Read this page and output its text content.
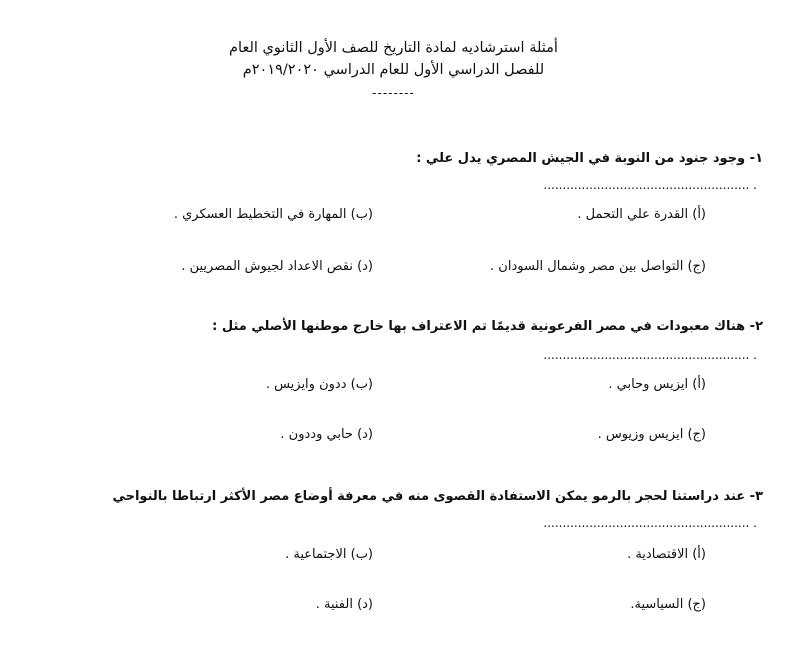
أمثلة استرشاديه لمادة التاريخ للصف الأول الثانوي العام
للفصل الدراسي الأول للعام الدراسي ٢٠١٩/٢٠٢٠م
--------
١- وجود جنود من النوبة في الجيش المصري يدل علي :
. ......................................................
(أ) القدرة علي التحمل .
(ب) المهارة في التخطيط العسكري .
(ج) التواصل بين مصر وشمال السودان .
(د) نقص الاعداد لجيوش المصريين .
٢- هناك معبودات في مصر الفرعونية قديمًا تم الاعتراف بها خارج موطنها الأصلي مثل :
. ......................................................
(أ) ايزيس وحابي .
(ب) ددون وايزيس .
(ج) ايزيس وزيوس .
(د) حابي وددون .
٣- عند دراستنا لحجر بالرمو يمكن الاستفادة القصوى منه في معرفة أوضاع مصر الأكثر ارتباطا بالنواحي
. ......................................................
(أ) الاقتصادية .
(ب) الاجتماعية .
(ج) السياسية.
(د) الفنية .
